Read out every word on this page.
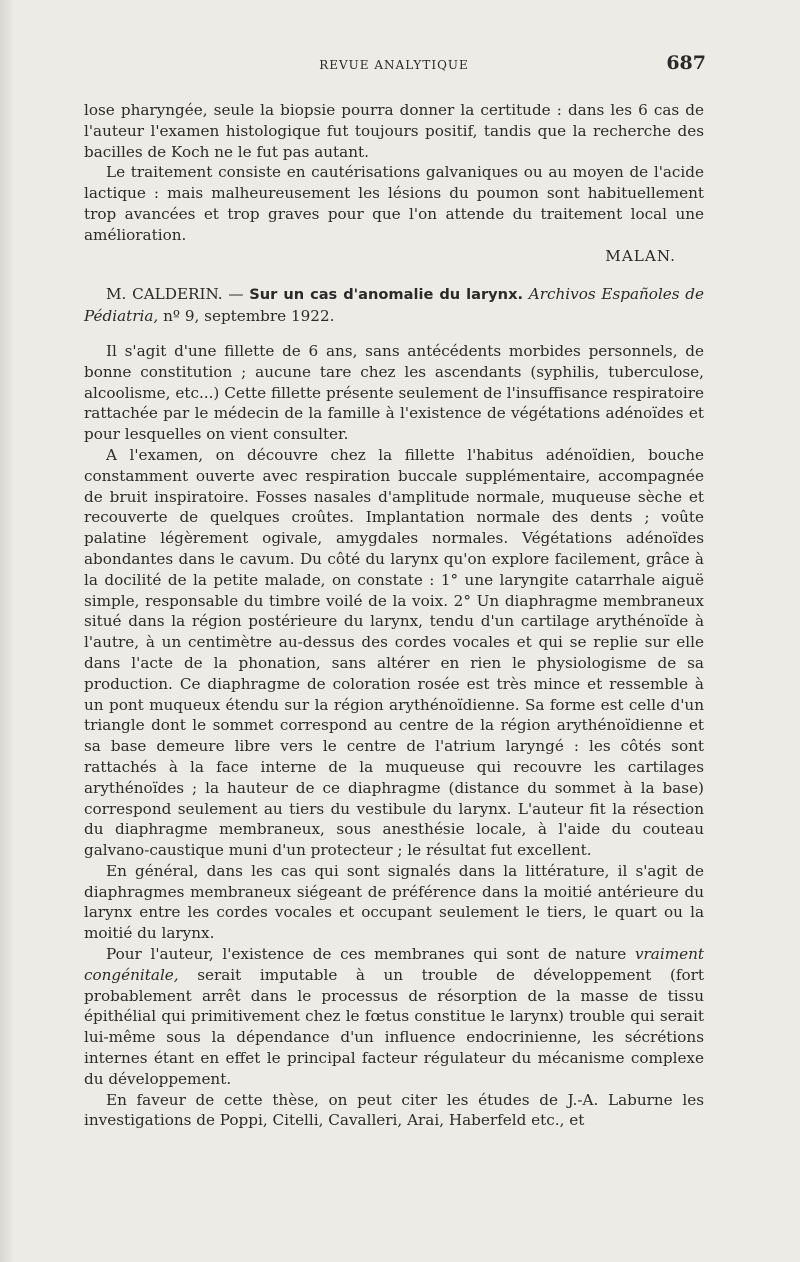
REVUE ANALYTIQUE	687

lose pharyngée, seule la biopsie pourra donner la certitude : dans les 6 cas de l'auteur l'examen histologique fut toujours positif, tandis que la recherche des bacilles de Koch ne le fut pas autant.

Le traitement consiste en cautérisations galvaniques ou au moyen de l'acide lactique : mais malheureusement les lésions du poumon sont habituellement trop avancées et trop graves pour que l'on attende du traitement local une amélioration.

MALAN.

M. CALDERIN. — Sur un cas d'anomalie du larynx. Archivos Españoles de Pédiatria, nº 9, septembre 1922.

Il s'agit d'une fillette de 6 ans, sans antécédents morbides personnels, de bonne constitution ; aucune tare chez les ascendants (syphilis, tuberculose, alcoolisme, etc...) Cette fillette présente seulement de l'insuffisance respiratoire rattachée par le médecin de la famille à l'existence de végétations adénoïdes et pour lesquelles on vient consulter.

A l'examen, on découvre chez la fillette l'habitus adénoïdien, bouche constamment ouverte avec respiration buccale supplémentaire, accompagnée de bruit inspiratoire. Fosses nasales d'amplitude normale, muqueuse sèche et recouverte de quelques croûtes. Implantation normale des dents ; voûte palatine légèrement ogivale, amygdales normales. Végétations adénoïdes abondantes dans le cavum. Du côté du larynx qu'on explore facilement, grâce à la docilité de la petite malade, on constate : 1° une laryngite catarrhale aiguë simple, responsable du timbre voilé de la voix. 2° Un diaphragme membraneux situé dans la région postérieure du larynx, tendu d'un cartilage arythénoïde à l'autre, à un centimètre au-dessus des cordes vocales et qui se replie sur elle dans l'acte de la phonation, sans altérer en rien le physiologisme de sa production. Ce diaphragme de coloration rosée est très mince et ressemble à un pont muqueux étendu sur la région arythénoïdienne. Sa forme est celle d'un triangle dont le sommet correspond au centre de la région arythénoïdienne et sa base demeure libre vers le centre de l'atrium laryngé : les côtés sont rattachés à la face interne de la muqueuse qui recouvre les cartilages arythénoïdes ; la hauteur de ce diaphragme (distance du sommet à la base) correspond seulement au tiers du vestibule du larynx. L'auteur fit la résection du diaphragme membraneux, sous anesthésie locale, à l'aide du couteau galvano-caustique muni d'un protecteur ; le résultat fut excellent.

En général, dans les cas qui sont signalés dans la littérature, il s'agit de diaphragmes membraneux siégeant de préférence dans la moitié antérieure du larynx entre les cordes vocales et occupant seulement le tiers, le quart ou la moitié du larynx.

Pour l'auteur, l'existence de ces membranes qui sont de nature vraiment congénitale, serait imputable à un trouble de développement (fort probablement arrêt dans le processus de résorption de la masse de tissu épithélial qui primitivement chez le fœtus constitue le larynx) trouble qui serait lui-même sous la dépendance d'un influence endocrinienne, les sécrétions internes étant en effet le principal facteur régulateur du mécanisme complexe du développement.

En faveur de cette thèse, on peut citer les études de J.-A. Laburne les investigations de Poppi, Citelli, Cavalleri, Arai, Haberfeld etc., et
